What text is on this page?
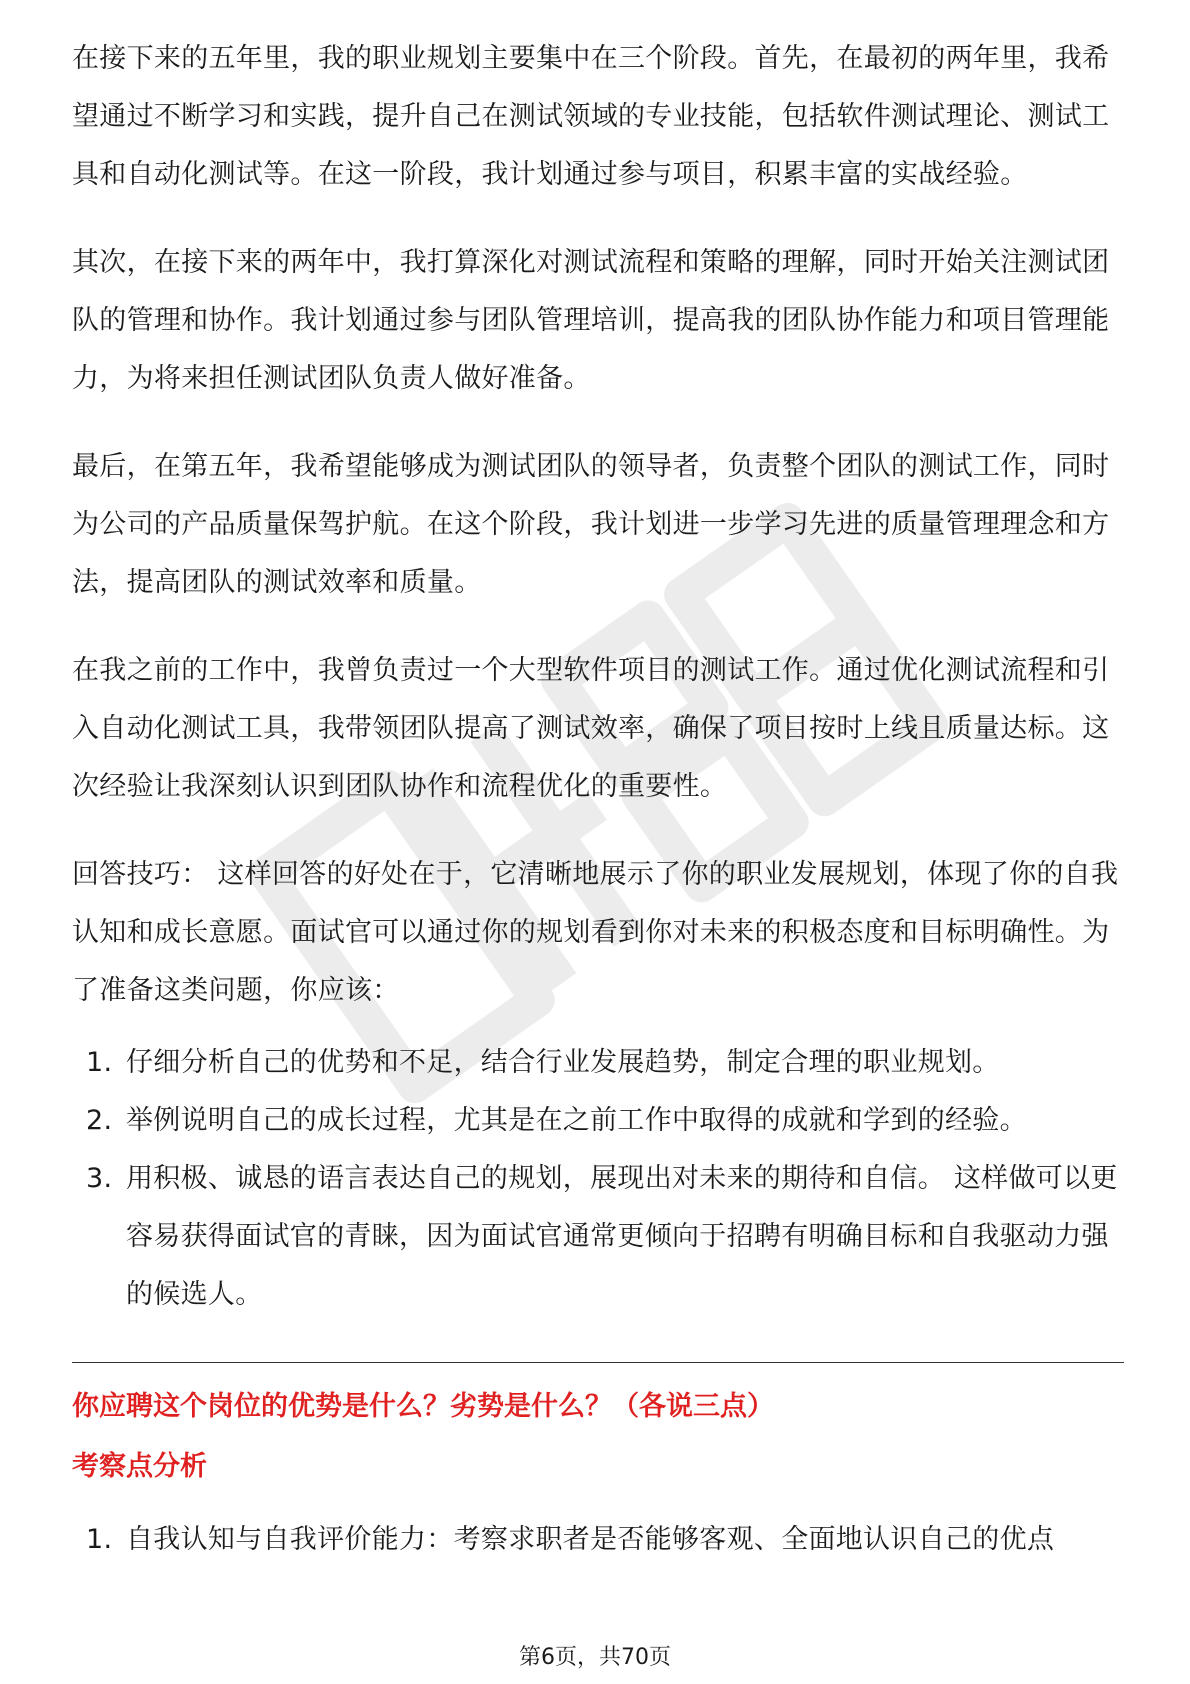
在接下来的五年里，我的职业规划主要集中在三个阶段。首先，在最初的两年里，我希望通过不断学习和实践，提升自己在测试领域的专业技能，包括软件测试理论、测试工具和自动化测试等。在这一阶段，我计划通过参与项目，积累丰富的实战经验。

其次，在接下来的两年中，我打算深化对测试流程和策略的理解，同时开始关注测试团队的管理和协作。我计划通过参与团队管理培训，提高我的团队协作能力和项目管理能力，为将来担任测试团队负责人做好准备。

最后，在第五年，我希望能够成为测试团队的领导者，负责整个团队的测试工作，同时为公司的产品质量保驾护航。在这个阶段，我计划进一步学习先进的质量管理理念和方法，提高团队的测试效率和质量。

在我之前的工作中，我曾负责过一个大型软件项目的测试工作。通过优化测试流程和引入自动化测试工具，我带领团队提高了测试效率，确保了项目按时上线且质量达标。这次经验让我深刻认识到团队协作和流程优化的重要性。

回答技巧： 这样回答的好处在于，它清晰地展示了你的职业发展规划，体现了你的自我认知和成长意愿。面试官可以通过你的规划看到你对未来的积极态度和目标明确性。为了准备这类问题，你应该：

1. 仔细分析自己的优势和不足，结合行业发展趋势，制定合理的职业规划。
2. 举例说明自己的成长过程，尤其是在之前工作中取得的成就和学到的经验。
3. 用积极、诚恳的语言表达自己的规划，展现出对未来的期待和自信。 这样做可以更容易获得面试官的青睐，因为面试官通常更倾向于招聘有明确目标和自我驱动力强的候选人。
你应聘这个岗位的优势是什么？劣势是什么？（各说三点）
考察点分析
1. 自我认知与自我评价能力：考察求职者是否能够客观、全面地认识自己的优点
第6页，共70页
